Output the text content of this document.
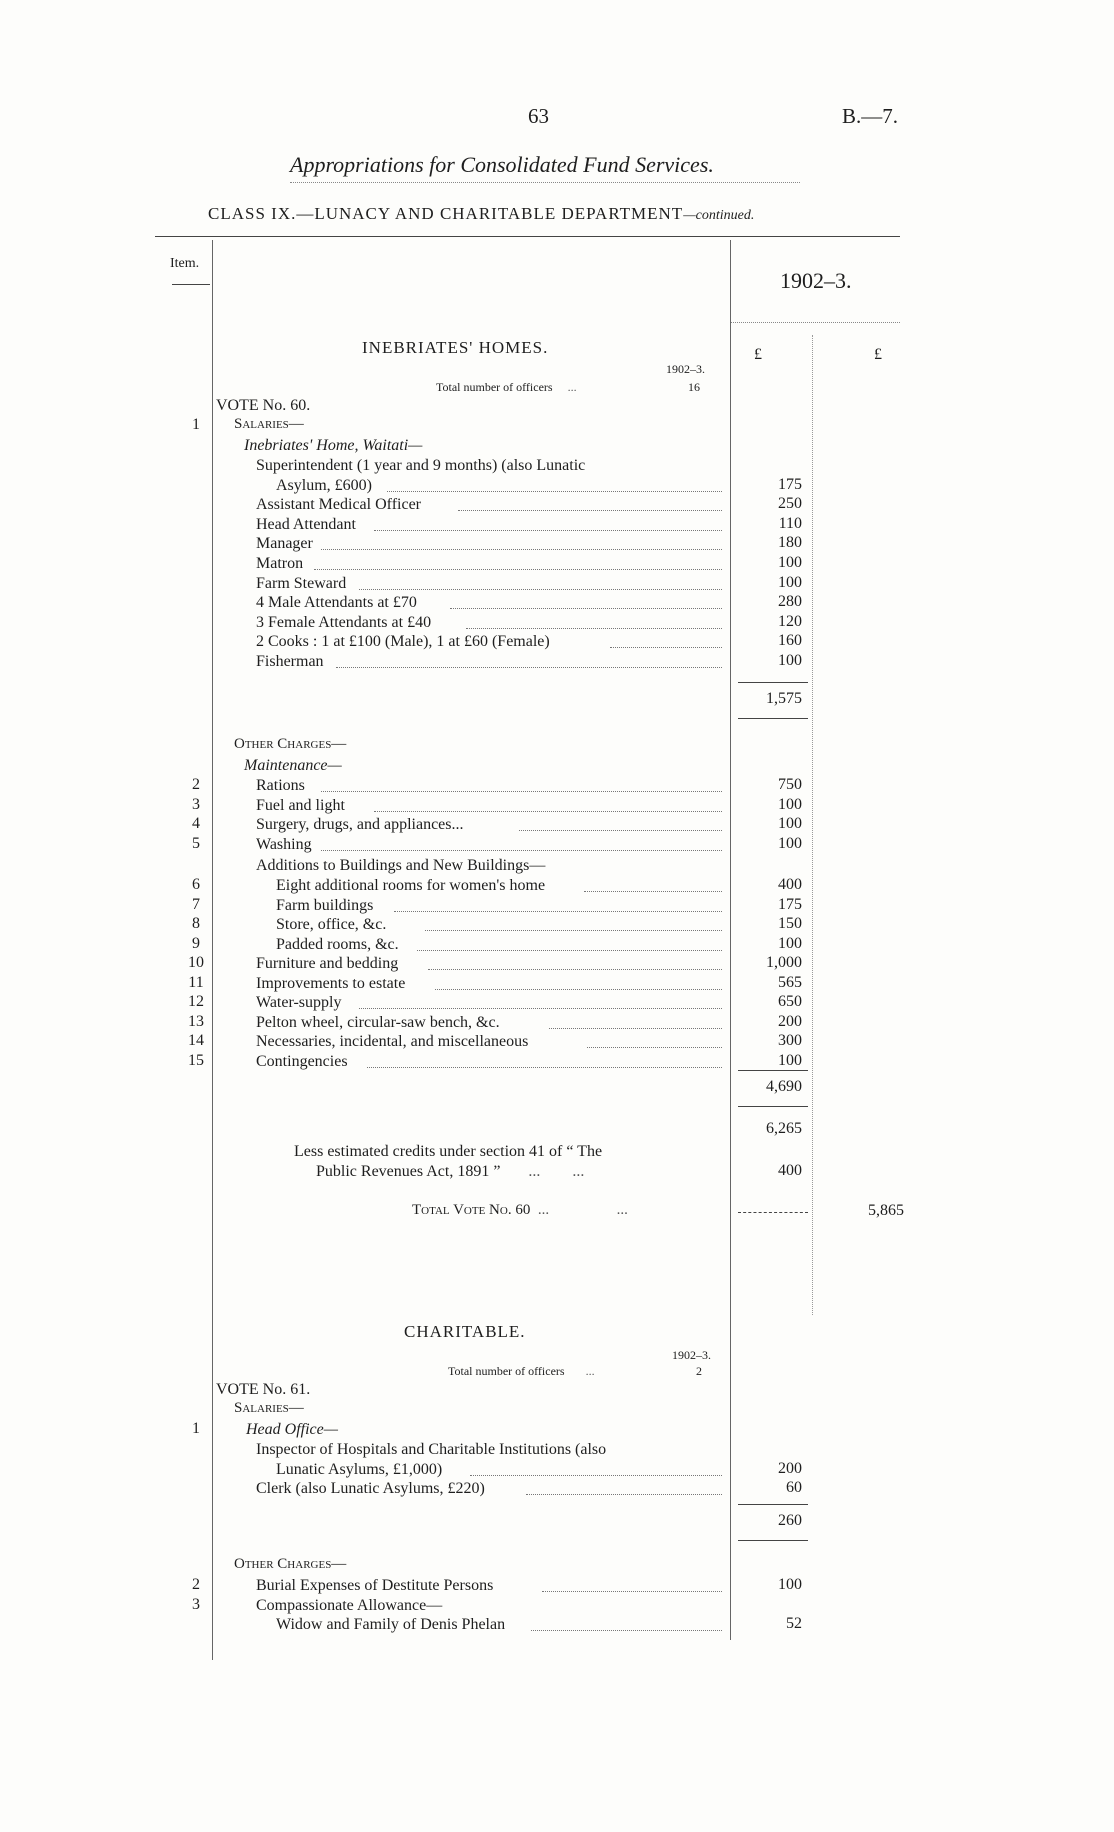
63	B.—7.
Appropriations for Consolidated Fund Services.
CLASS IX.—LUNACY AND CHARITABLE DEPARTMENT—continued.
Item.
1902–3.
INEBRIATES' HOMES.	£	£
1902–3.
Total number of officers     ...	16
VOTE No. 60.
1	Salaries—
Inebriates' Home, Waitati—
Superintendent (1 year and 9 months) (also Lunatic
Asylum, £600)	175
Assistant Medical Officer	250
Head Attendant	110
Manager	180
Matron	100
Farm Steward	100
4 Male Attendants at £70	280
3 Female Attendants at £40	120
2 Cooks : 1 at £100 (Male), 1 at £60 (Female)	160
Fisherman	100
1,575
Other Charges—
Maintenance—
2	Rations	750
3	Fuel and light	100
4	Surgery, drugs, and appliances...	100
5	Washing	100
Additions to Buildings and New Buildings—
6	Eight additional rooms for women's home	400
7	Farm buildings	175
8	Store, office, &c.	150
9	Padded rooms, &c.	100
10	Furniture and bedding	1,000
11	Improvements to estate	565
12	Water-supply	650
13	Pelton wheel, circular-saw bench, &c.	200
14	Necessaries, incidental, and miscellaneous	300
15	Contingencies	100
4,690
6,265
Less estimated credits under section 41 of “ The
Public Revenues Act, 1891 ”       ...        ...	400
Total Vote No. 60  ...                  ...	5,865
CHARITABLE.
1902–3.
Total number of officers       ...	2
VOTE No. 61.
Salaries—
1	Head Office—
Inspector of Hospitals and Charitable Institutions (also
Lunatic Asylums, £1,000)	200
Clerk (also Lunatic Asylums, £220)	60
260
Other Charges—
2	Burial Expenses of Destitute Persons	100
3	Compassionate Allowance—
Widow and Family of Denis Phelan	52
